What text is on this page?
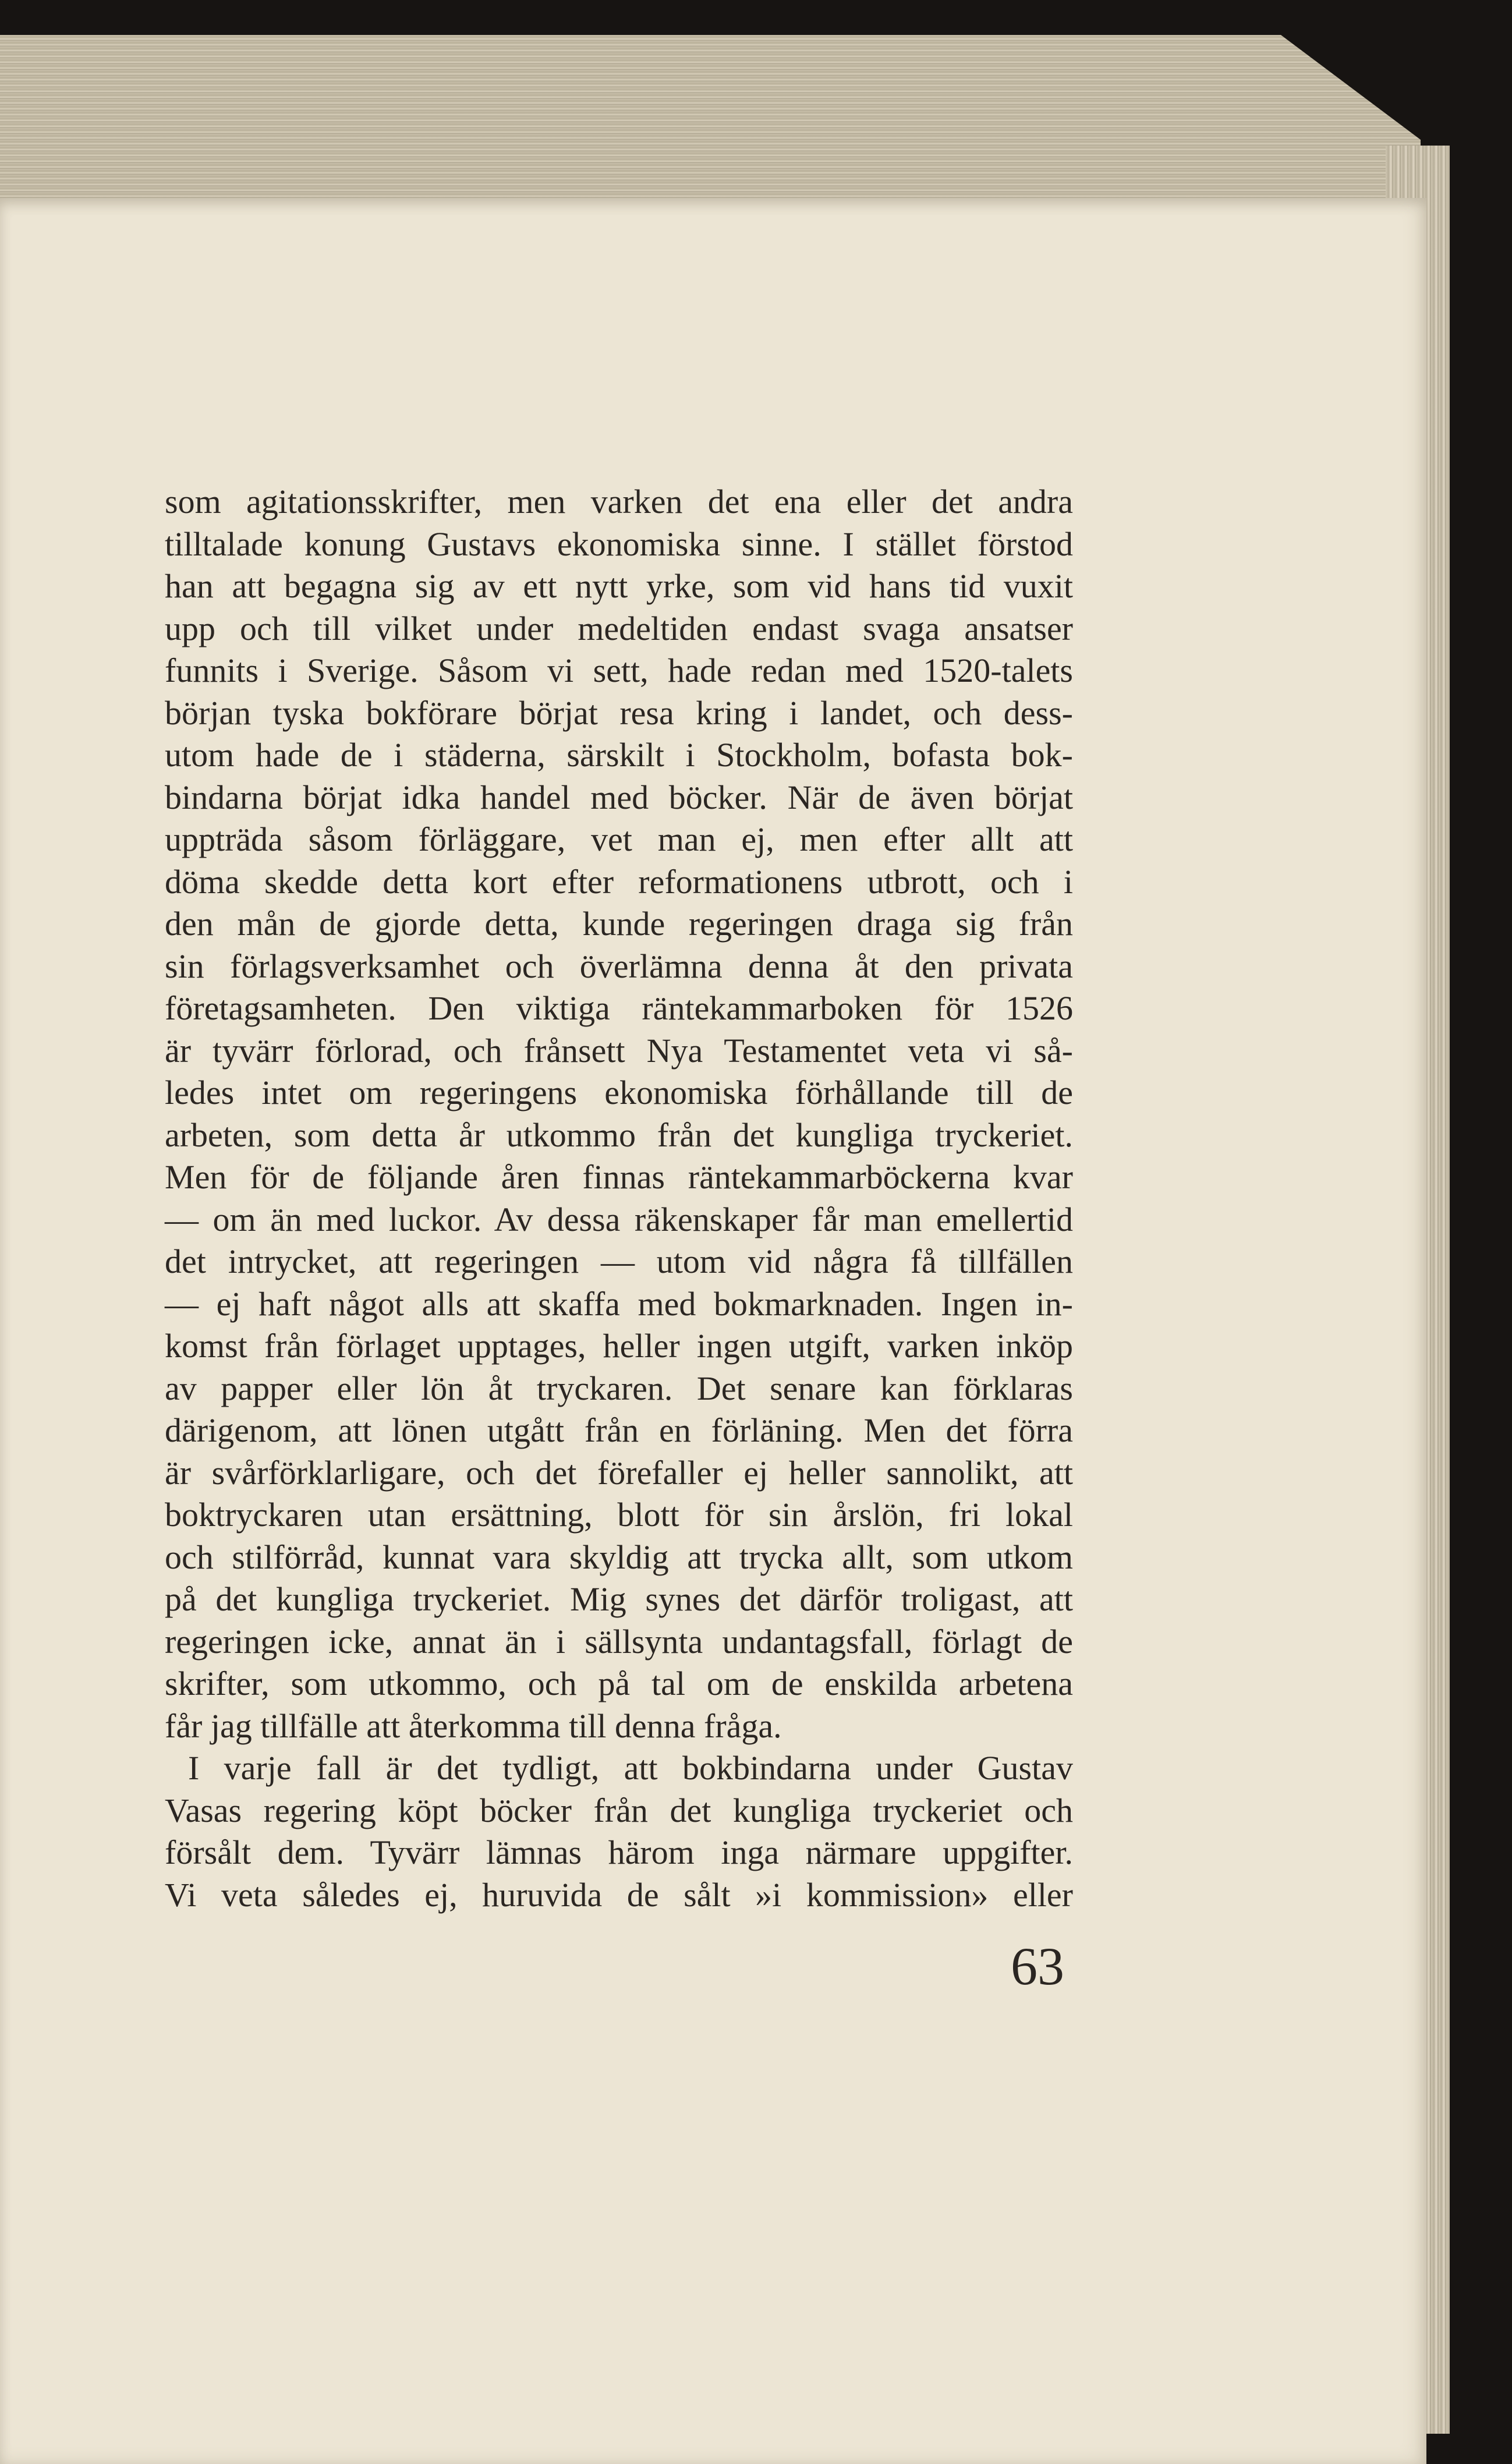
som agitationsskrifter, men varken det ena eller det andra
tilltalade konung Gustavs ekonomiska sinne. I stället förstod
han att begagna sig av ett nytt yrke, som vid hans tid vuxit
upp och till vilket under medeltiden endast svaga ansatser
funnits i Sverige. Såsom vi sett, hade redan med 1520-talets
början tyska bokförare börjat resa kring i landet, och dess-
utom hade de i städerna, särskilt i Stockholm, bofasta bok-
bindarna börjat idka handel med böcker. När de även börjat
uppträda såsom förläggare, vet man ej, men efter allt att
döma skedde detta kort efter reformationens utbrott, och i
den mån de gjorde detta, kunde regeringen draga sig från
sin förlagsverksamhet och överlämna denna åt den privata
företagsamheten. Den viktiga räntekammarboken för 1526
är tyvärr förlorad, och frånsett Nya Testamentet veta vi så-
ledes intet om regeringens ekonomiska förhållande till de
arbeten, som detta år utkommo från det kungliga tryckeriet.
Men för de följande åren finnas räntekammarböckerna kvar
— om än med luckor. Av dessa räkenskaper får man emellertid
det intrycket, att regeringen — utom vid några få tillfällen
— ej haft något alls att skaffa med bokmarknaden. Ingen in-
komst från förlaget upptages, heller ingen utgift, varken inköp
av papper eller lön åt tryckaren. Det senare kan förklaras
därigenom, att lönen utgått från en förläning. Men det förra
är svårförklarligare, och det förefaller ej heller sannolikt, att
boktryckaren utan ersättning, blott för sin årslön, fri lokal
och stilförråd, kunnat vara skyldig att trycka allt, som utkom
på det kungliga tryckeriet. Mig synes det därför troligast, att
regeringen icke, annat än i sällsynta undantagsfall, förlagt de
skrifter, som utkommo, och på tal om de enskilda arbetena
får jag tillfälle att återkomma till denna fråga.
I varje fall är det tydligt, att bokbindarna under Gustav
Vasas regering köpt böcker från det kungliga tryckeriet och
försålt dem. Tyvärr lämnas härom inga närmare uppgifter.
Vi veta således ej, huruvida de sålt »i kommission» eller
63
